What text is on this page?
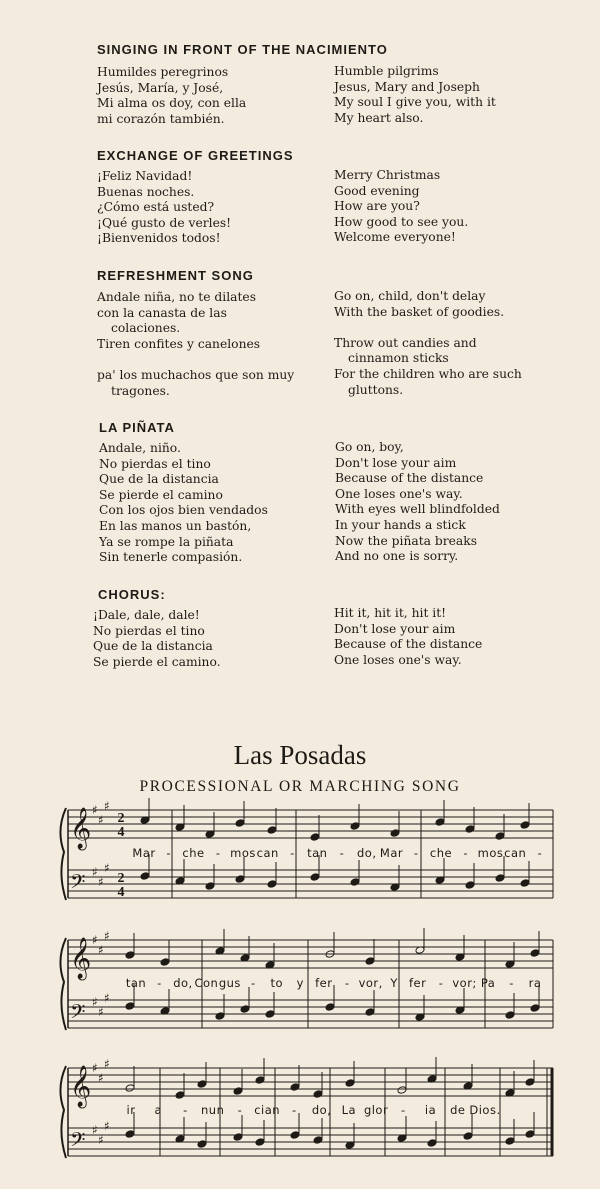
SINGING IN FRONT OF THE NACIMIENTO
Humildes peregrinos
Jesús, María, y José,
Mi alma os doy, con ella
mi corazón también.
Humble pilgrims
Jesus, Mary and Joseph
My soul I give you, with it
My heart also.
EXCHANGE OF GREETINGS
¡Feliz Navidad!
Buenas noches.
¿Cómo está usted?
¡Qué gusto de verles!
¡Bienvenidos todos!
Merry Christmas
Good evening
How are you?
How good to see you.
Welcome everyone!
REFRESHMENT SONG
Andale niña, no te dilates
con la canasta de las
colaciones.
Tiren confites y canelones
pa' los muchachos que son muy
tragones.
Go on, child, don't delay
With the basket of goodies.
Throw out candies and
cinnamon sticks
For the children who are such
gluttons.
LA PIÑATA
Andale, niño.
No pierdas el tino
Que de la distancia
Se pierde el camino
Con los ojos bien vendados
En las manos un bastón,
Ya se rompe la piñata
Sin tenerle compasión.
Go on, boy,
Don't lose your aim
Because of the distance
One loses one's way.
With eyes well blindfolded
In your hands a stick
Now the piñata breaks
And no one is sorry.
CHORUS:
¡Dale, dale, dale!
No pierdas el tino
Que de la distancia
Se pierde el camino.
Hit it, hit it, hit it!
Don't lose your aim
Because of the distance
One loses one's way.
Las Posadas
PROCESSIONAL OR MARCHING SONG
𝄞
𝄢
𝄞
𝄢
𝄞
𝄢
♯
♯
♯
♯
♯
♯
♯
♯
♯
♯
♯
♯
♯
♯
♯
♯
♯
♯
2
4
2
4
Mar - che - mos can - tan - do, Mar - che - mos can -
tan - do, Con gus - to y fer - vor, Y fer - vor; Pa - ra
ir a - nun - cian - do, La glor - ia de Dios.
